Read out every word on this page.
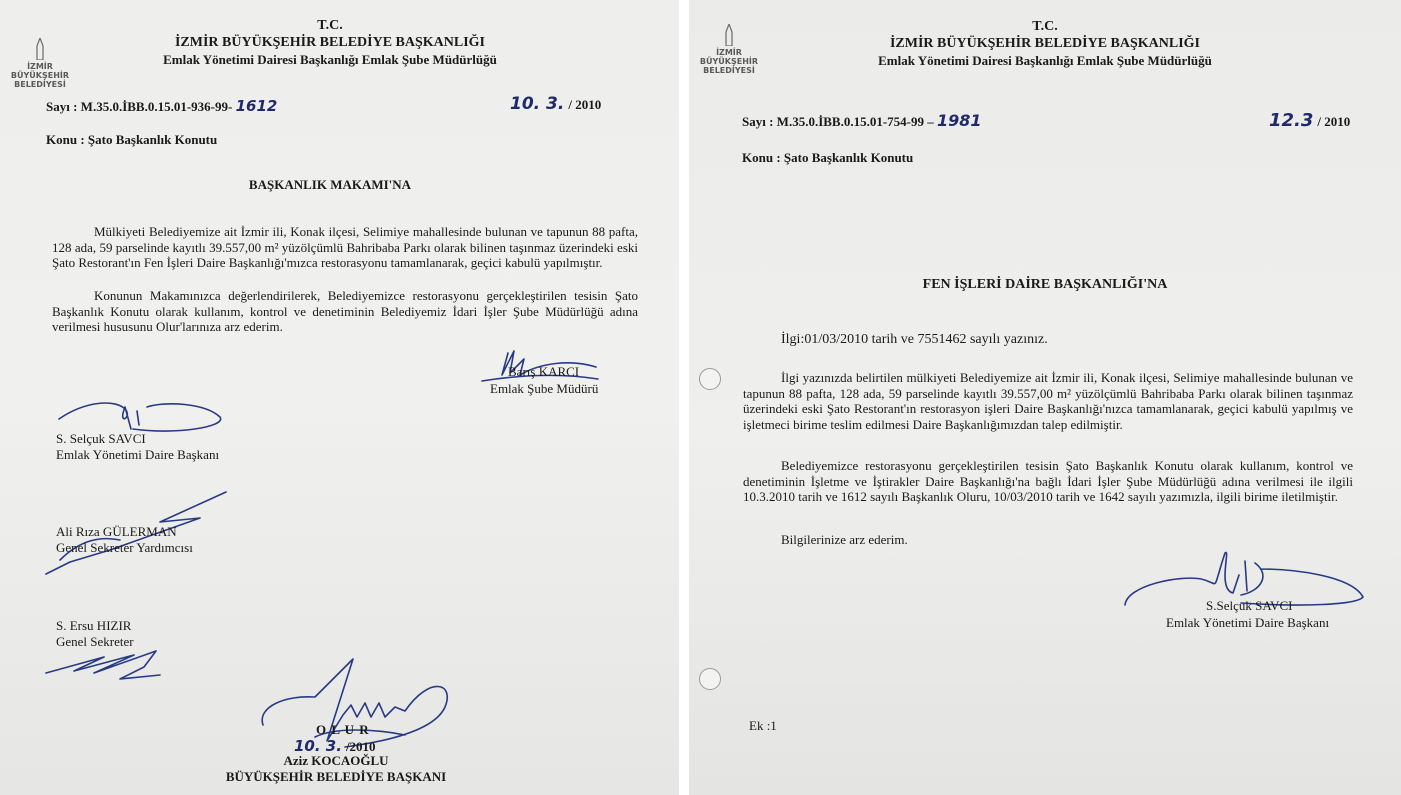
İZMİR
BÜYÜKŞEHİR
BELEDİYESİ
T.C.
İZMİR BÜYÜKŞEHİR BELEDİYE BAŞKANLIĞI
Emlak Yönetimi Dairesi Başkanlığı Emlak Şube Müdürlüğü
Sayı : M.35.0.İBB.0.15.01-936-99- 1612	10. 3. / 2010
Konu : Şato Başkanlık Konutu
BAŞKANLIK MAKAMI'NA
Mülkiyeti Belediyemize ait İzmir ili, Konak ilçesi, Selimiye mahallesinde bulunan ve tapunun 88 pafta, 128 ada, 59 parselinde kayıtlı 39.557,00 m² yüzölçümlü Bahribaba Parkı olarak bilinen taşınmaz üzerindeki eski Şato Restorant'ın Fen İşleri Daire Başkanlığı'mızca restorasyonu tamamlanarak, geçici kabulü yapılmıştır.
Konunun Makamınızca değerlendirilerek, Belediyemizce restorasyonu gerçekleştirilen tesisin Şato Başkanlık Konutu olarak kullanım, kontrol ve denetiminin Belediyemiz İdari İşler Şube Müdürlüğü adına verilmesi hususunu Olur'larınıza arz ederim.
Barış KARCI
Emlak Şube Müdürü
S. Selçuk SAVCI
Emlak Yönetimi Daire Başkanı
Ali Rıza GÜLERMAN
Genel Sekreter Yardımcısı
S. Ersu HIZIR
Genel Sekreter
O L U R
10. 3. /2010
Aziz KOCAOĞLU
BÜYÜKŞEHİR BELEDİYE BAŞKANI
İZMİR
BÜYÜKŞEHİR
BELEDİYESİ
T.C.
İZMİR BÜYÜKŞEHİR BELEDİYE BAŞKANLIĞI
Emlak Yönetimi Dairesi Başkanlığı Emlak Şube Müdürlüğü
Sayı : M.35.0.İBB.0.15.01-754-99 – 1981	12.3 / 2010
Konu : Şato Başkanlık Konutu
FEN İŞLERİ DAİRE BAŞKANLIĞI'NA
İlgi:01/03/2010 tarih ve 7551462 sayılı yazınız.
İlgi yazınızda belirtilen mülkiyeti Belediyemize ait İzmir ili, Konak ilçesi, Selimiye mahallesinde bulunan ve tapunun 88 pafta, 128 ada, 59 parselinde kayıtlı 39.557,00 m² yüzölçümlü Bahribaba Parkı olarak bilinen taşınmaz üzerindeki eski Şato Restorant'ın restorasyon işleri Daire Başkanlığı'nızca tamamlanarak, geçici kabulü yapılmış ve işletmeci birime teslim edilmesi Daire Başkanlığımızdan talep edilmiştir.
Belediyemizce restorasyonu gerçekleştirilen tesisin Şato Başkanlık Konutu olarak kullanım, kontrol ve denetiminin İşletme ve İştirakler Daire Başkanlığı'na bağlı İdari İşler Şube Müdürlüğü adına verilmesi ile ilgili 10.3.2010 tarih ve 1612 sayılı Başkanlık Oluru, 10/03/2010 tarih ve 1642 sayılı yazımızla, ilgili birime iletilmiştir.
Bilgilerinize arz ederim.
S.Selçuk SAVCI
Emlak Yönetimi Daire Başkanı
Ek :1
